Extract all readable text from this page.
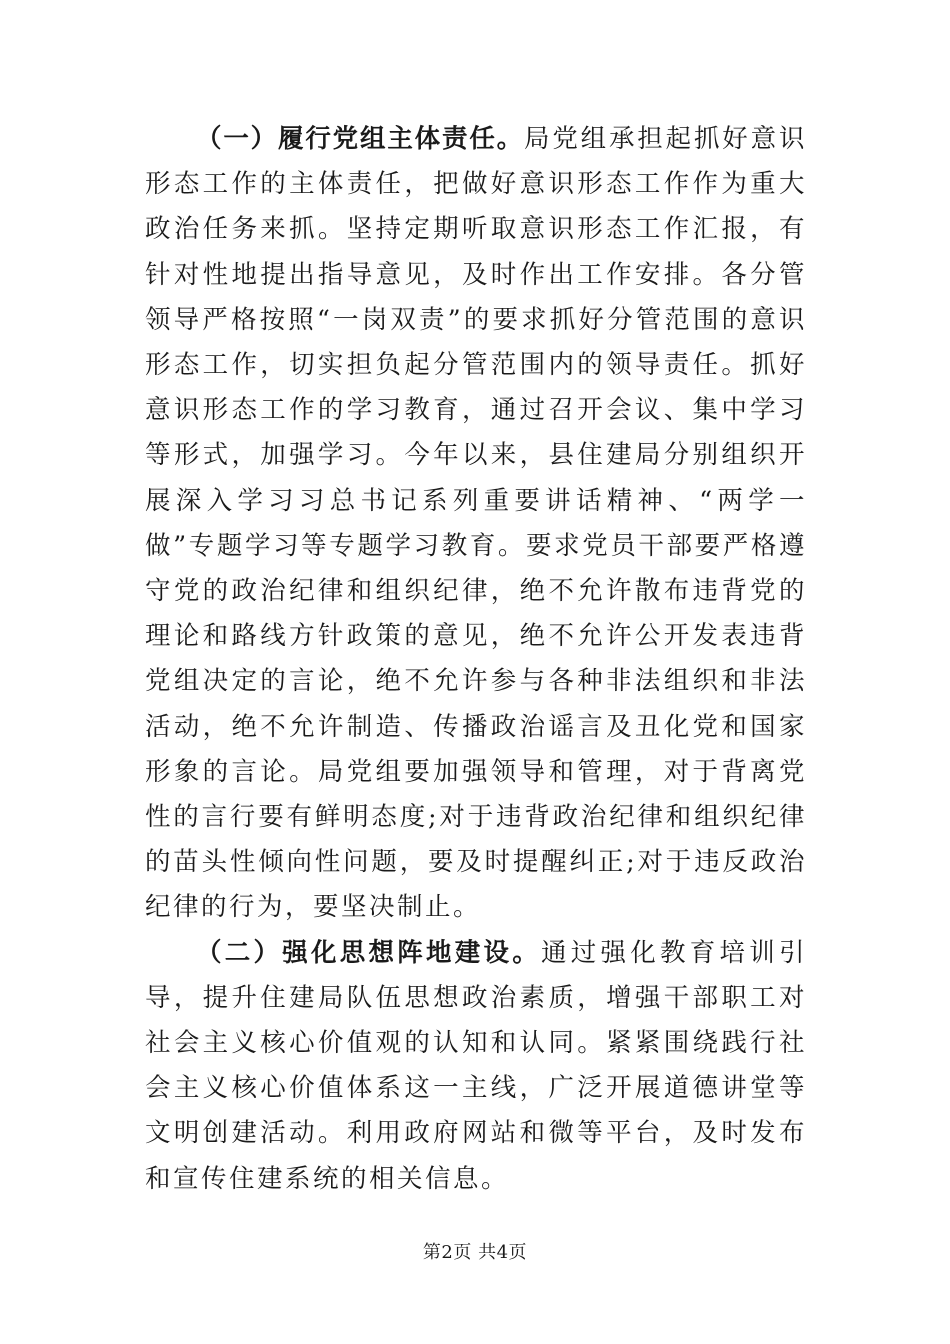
（一）履行党组主体责任。局党组承担起抓好意识形态工作的主体责任，把做好意识形态工作作为重大政治任务来抓。坚持定期听取意识形态工作汇报，有针对性地提出指导意见，及时作出工作安排。各分管领导严格按照“一岗双责”的要求抓好分管范围的意识形态工作，切实担负起分管范围内的领导责任。抓好意识形态工作的学习教育，通过召开会议、集中学习等形式，加强学习。今年以来，县住建局分别组织开展深入学习习总书记系列重要讲话精神、“两学一做”专题学习等专题学习教育。要求党员干部要严格遵守党的政治纪律和组织纪律，绝不允许散布违背党的理论和路线方针政策的意见，绝不允许公开发表违背党组决定的言论，绝不允许参与各种非法组织和非法活动，绝不允许制造、传播政治谣言及丑化党和国家形象的言论。局党组要加强领导和管理，对于背离党性的言行要有鲜明态度;对于违背政治纪律和组织纪律的苗头性倾向性问题，要及时提醒纠正;对于违反政治纪律的行为，要坚决制止。

（二）强化思想阵地建设。通过强化教育培训引导，提升住建局队伍思想政治素质，增强干部职工对社会主义核心价值观的认知和认同。紧紧围绕践行社会主义核心价值体系这一主线，广泛开展道德讲堂等文明创建活动。利用政府网站和微等平台，及时发布和宣传住建系统的相关信息。

第2页 共4页
